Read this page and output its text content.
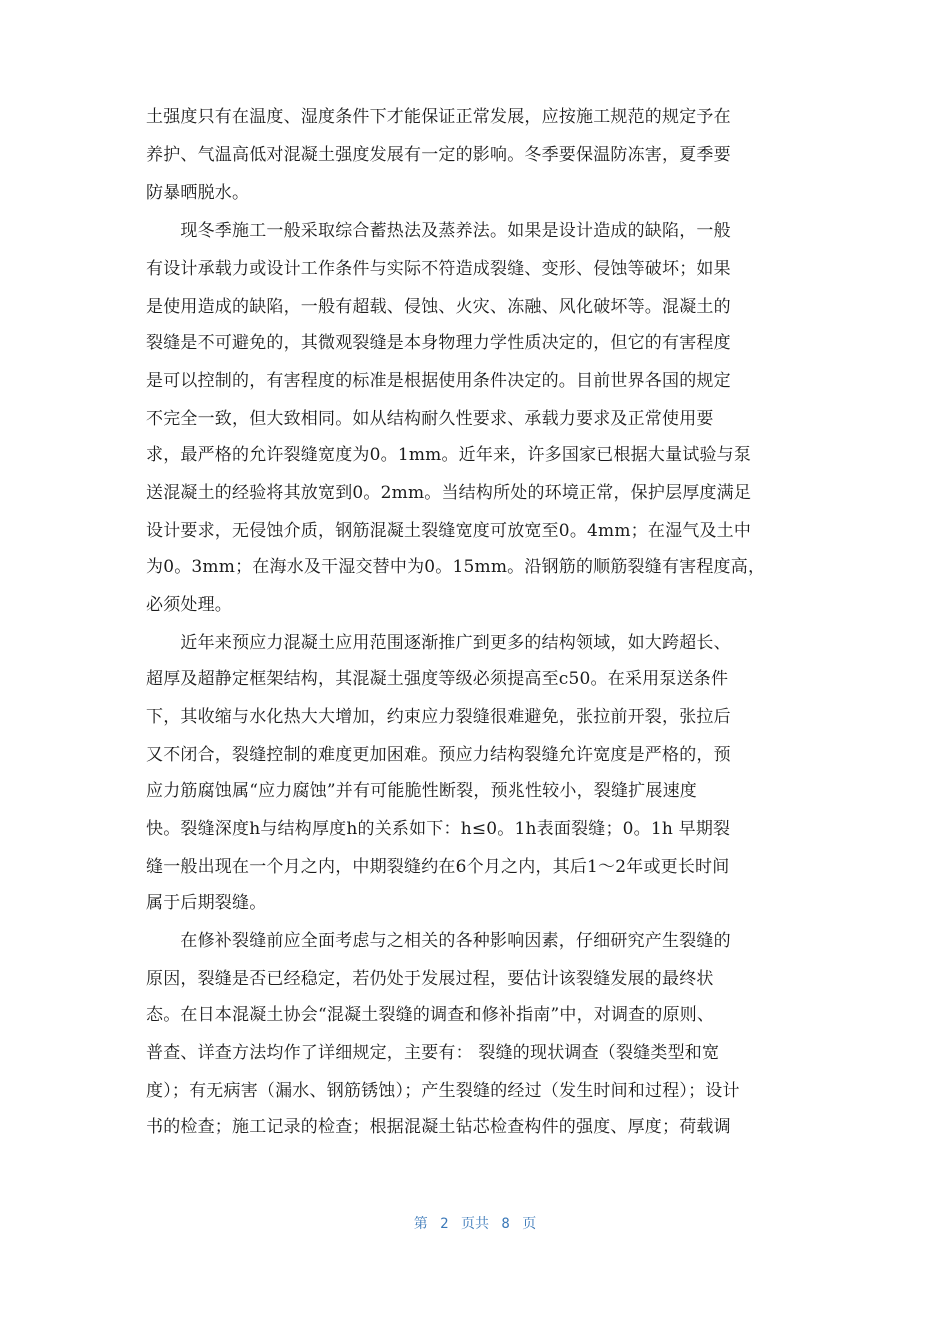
土强度只有在温度、湿度条件下才能保证正常发展，应按施工规范的规定予在
养护、气温高低对混凝土强度发展有一定的影响。冬季要保温防冻害，夏季要
防暴晒脱水。
　　现冬季施工一般采取综合蓄热法及蒸养法。如果是设计造成的缺陷，一般
有设计承载力或设计工作条件与实际不符造成裂缝、变形、侵蚀等破坏；如果
是使用造成的缺陷，一般有超载、侵蚀、火灾、冻融、风化破坏等。混凝土的
裂缝是不可避免的，其微观裂缝是本身物理力学性质决定的，但它的有害程度
是可以控制的，有害程度的标准是根据使用条件决定的。目前世界各国的规定
不完全一致，但大致相同。如从结构耐久性要求、承载力要求及正常使用要
求，最严格的允许裂缝宽度为0。1mm。近年来，许多国家已根据大量试验与泵
送混凝土的经验将其放宽到0。2mm。当结构所处的环境正常，保护层厚度满足
设计要求，无侵蚀介质，钢筋混凝土裂缝宽度可放宽至0。4mm；在湿气及土中
为0。3mm；在海水及干湿交替中为0。15mm。沿钢筋的顺筋裂缝有害程度高，
必须处理。
　　近年来预应力混凝土应用范围逐渐推广到更多的结构领域，如大跨超长、
超厚及超静定框架结构，其混凝土强度等级必须提高至c50。在采用泵送条件
下，其收缩与水化热大大增加，约束应力裂缝很难避免，张拉前开裂，张拉后
又不闭合，裂缝控制的难度更加困难。预应力结构裂缝允许宽度是严格的，预
应力筋腐蚀属“应力腐蚀”并有可能脆性断裂，预兆性较小，裂缝扩展速度
快。裂缝深度h与结构厚度h的关系如下：h≤0。1h表面裂缝；0。1h 早期裂
缝一般出现在一个月之内，中期裂缝约在6个月之内，其后1～2年或更长时间
属于后期裂缝。
　　在修补裂缝前应全面考虑与之相关的各种影响因素，仔细研究产生裂缝的
原因，裂缝是否已经稳定，若仍处于发展过程，要估计该裂缝发展的最终状
态。在日本混凝土协会“混凝土裂缝的调查和修补指南”中，对调查的原则、
普查、详查方法均作了详细规定，主要有： 裂缝的现状调查（裂缝类型和宽
度）；有无病害（漏水、钢筋锈蚀）；产生裂缝的经过（发生时间和过程）；设计
书的检查；施工记录的检查；根据混凝土钻芯检查构件的强度、厚度；荷载调
第 2 页共 8 页
